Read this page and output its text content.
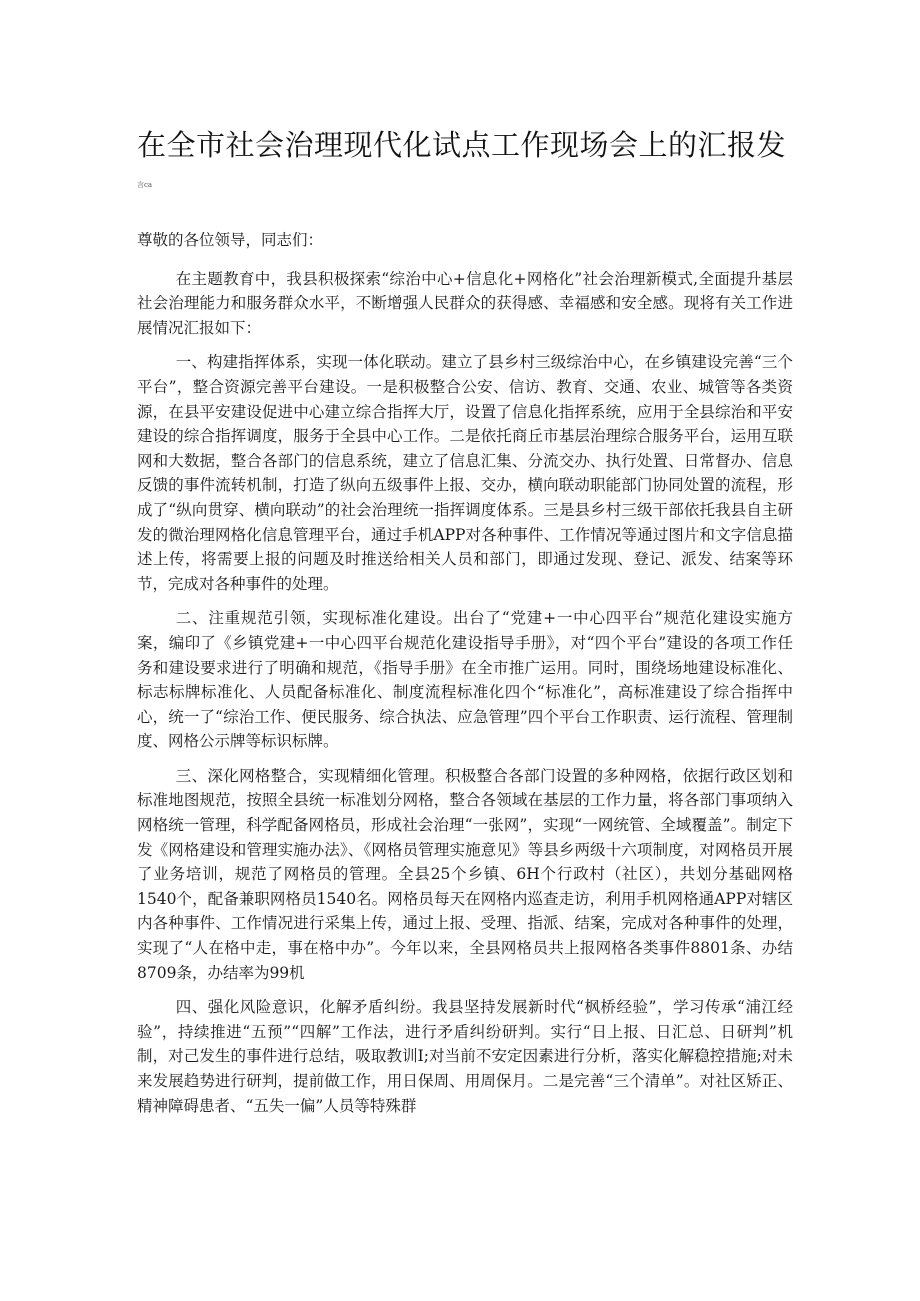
在全市社会治理现代化试点工作现场会上的汇报发
言ca

尊敬的各位领导，同志们：

在主题教育中，我县积极探索“综治中心+信息化+网格化”社会治理新模式,全面提升基层社会治理能力和服务群众水平，不断增强人民群众的获得感、幸福感和安全感。现将有关工作进展情况汇报如下：

一、构建指挥体系，实现一体化联动。建立了县乡村三级综治中心，在乡镇建设完善“三个平台”，整合资源完善平台建设。一是积极整合公安、信访、教育、交通、农业、城管等各类资源，在县平安建设促进中心建立综合指挥大厅，设置了信息化指挥系统，应用于全县综治和平安建设的综合指挥调度，服务于全县中心工作。二是依托商丘市基层治理综合服务平台，运用互联网和大数据，整合各部门的信息系统，建立了信息汇集、分流交办、执行处置、日常督办、信息反馈的事件流转机制，打造了纵向五级事件上报、交办，横向联动职能部门协同处置的流程，形成了“纵向贯穿、横向联动”的社会治理统一指挥调度体系。三是县乡村三级干部依托我县自主研发的微治理网格化信息管理平台，通过手机APP对各种事件、工作情况等通过图片和文字信息描述上传，将需要上报的问题及时推送给相关人员和部门，即通过发现、登记、派发、结案等环节，完成对各种事件的处理。

二、注重规范引领，实现标准化建设。出台了“党建+一中心四平台”规范化建设实施方案，编印了《乡镇党建+一中心四平台规范化建设指导手册》，对“四个平台”建设的各项工作任务和建设要求进行了明确和规范，《指导手册》在全市推广运用。同时，围绕场地建设标准化、标志标牌标准化、人员配备标准化、制度流程标准化四个“标准化”，高标准建设了综合指挥中心，统一了“综治工作、便民服务、综合执法、应急管理”四个平台工作职责、运行流程、管理制度、网格公示牌等标识标牌。

三、深化网格整合，实现精细化管理。积极整合各部门设置的多种网格，依据行政区划和标准地图规范，按照全县统一标准划分网格，整合各领域在基层的工作力量，将各部门事项纳入网格统一管理，科学配备网格员，形成社会治理“一张网”，实现“一网统管、全域覆盖”。制定下发《网格建设和管理实施办法》、《网格员管理实施意见》等县乡两级十六项制度，对网格员开展了业务培训，规范了网格员的管理。全县25个乡镇、6H个行政村（社区），共划分基础网格1540个，配备兼职网格员1540名。网格员每天在网格内巡查走访，利用手机网格通APP对辖区内各种事件、工作情况进行采集上传，通过上报、受理、指派、结案，完成对各种事件的处理，实现了“人在格中走，事在格中办”。今年以来，全县网格员共上报网格各类事件8801条、办结8709条，办结率为99机

四、强化风险意识，化解矛盾纠纷。我县坚持发展新时代“枫桥经验”，学习传承“浦江经验”，持续推进“五预”“四解”工作法，进行矛盾纠纷研判。实行“日上报、日汇总、日研判”机制，对己发生的事件进行总结，吸取教训I;对当前不安定因素进行分析，落实化解稳控措施;对未来发展趋势进行研判，提前做工作，用日保周、用周保月。二是完善“三个清单”。对社区矫正、精神障碍患者、“五失一偏”人员等特殊群
